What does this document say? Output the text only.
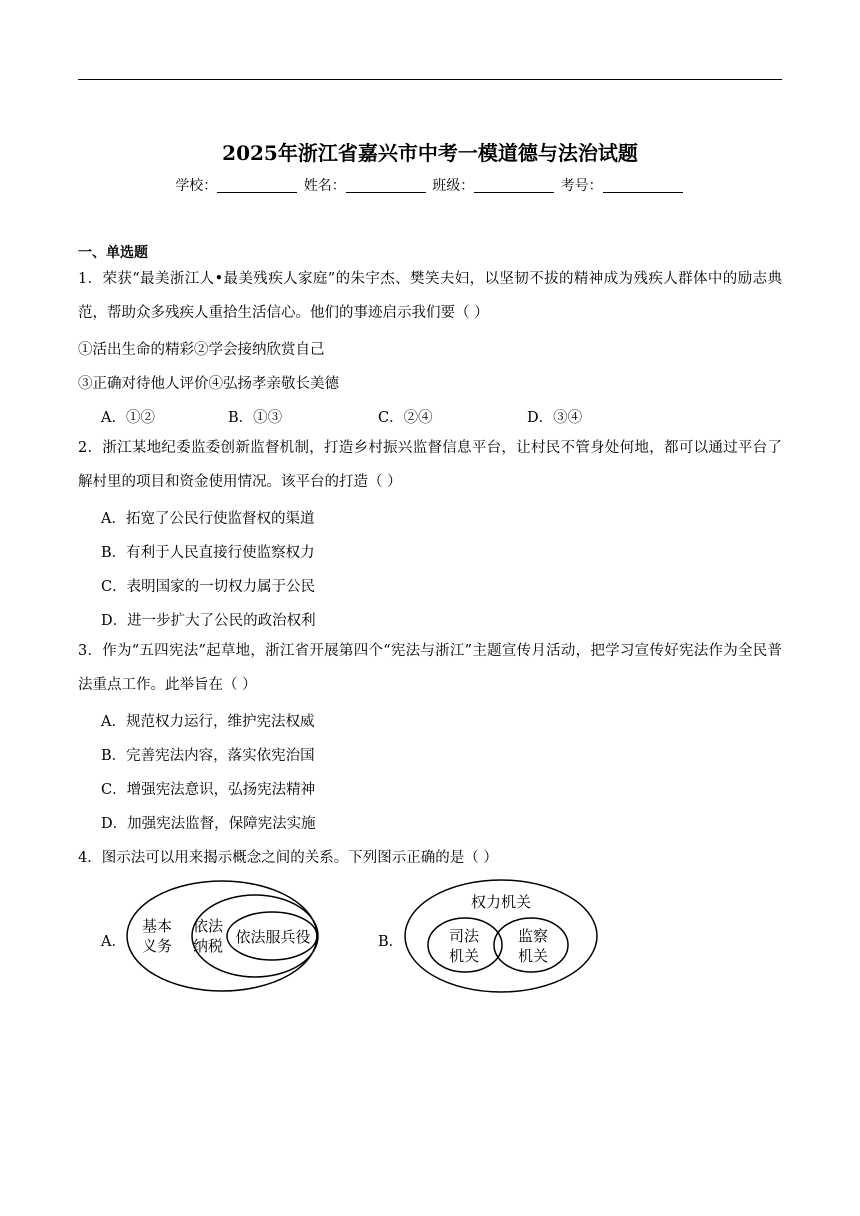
2025年浙江省嘉兴市中考一模道德与法治试题
学校：	姓名：	班级：	考号：
一、单选题
1．荣获“最美浙江人•最美残疾人家庭”的朱宇杰、樊笑夫妇，以坚韧不拔的精神成为残疾人群体中的励志典范，帮助众多残疾人重拾生活信心。他们的事迹启示我们要（ ）
①活出生命的精彩②学会接纳欣赏自己
③正确对待他人评价④弘扬孝亲敬长美德
A．①②	B．①③	C．②④	D．③④
2．浙江某地纪委监委创新监督机制，打造乡村振兴监督信息平台，让村民不管身处何地，都可以通过平台了解村里的项目和资金使用情况。该平台的打造（ ）
A．拓宽了公民行使监督权的渠道
B．有利于人民直接行使监察权力
C．表明国家的一切权力属于公民
D．进一步扩大了公民的政治权利
3．作为“五四宪法”起草地，浙江省开展第四个“宪法与浙江”主题宣传月活动，把学习宣传好宪法作为全民普法重点工作。此举旨在（ ）
A．规范权力运行，维护宪法权威
B．完善宪法内容，落实依宪治国
C．增强宪法意识，弘扬宪法精神
D．加强宪法监督，保障宪法实施
4．图示法可以用来揭示概念之间的关系。下列图示正确的是（ ）
A．
基本
义务
依法
纳税 依法服兵役	B．
权力机关
司法
机关
监察
机关
